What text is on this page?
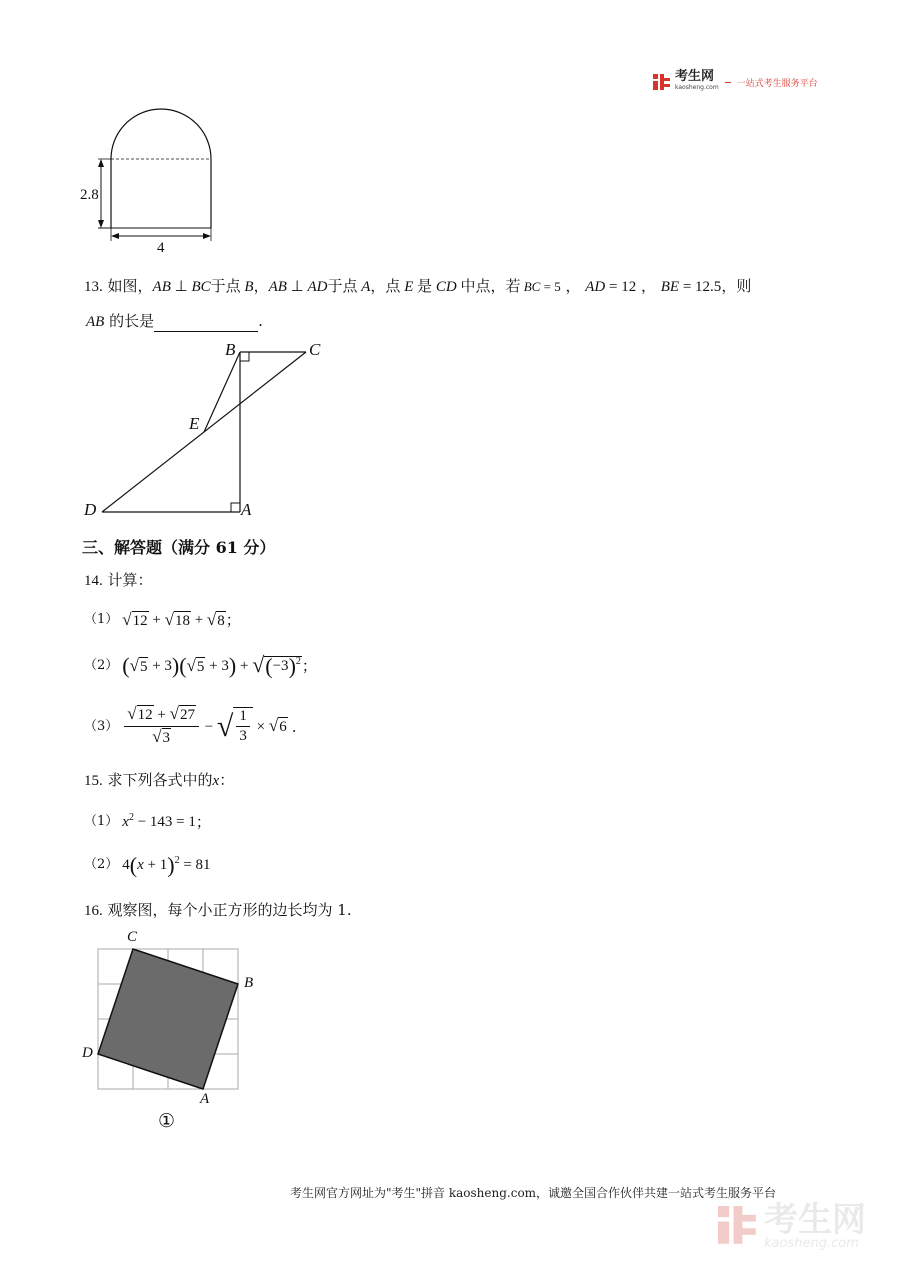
考生网
kaosheng.com 一站式考生服务平台
2.8
4
13. 如图，AB ⊥ BC于点 B，AB ⊥ AD于点 A，点 E 是 CD 中点，若 BC = 5 ， AD = 12 ， BE = 12.5，则
AB 的长是	.
B	C
E
D	A
三、解答题（满分 61 分）
14. 计算：
（1） √ 12 + √ 18 + √ 8 ；
（2） ( √ 5 + 3 ) ( √ 5 + 3 ) + √ $(-3)^2$ ；
$(3) \frac{√ 12 + √ 27}{√ 3}$ − √ $\frac{1}{3}$ × √ 6 .
15. 求下列各式中的x：
（1） $x^2 - 143 = 1$ ；
（2） $4(x + 1)^2 = 81$
16. 观察图，每个小正方形的边长均为 1.
C
B
D
A
①
考生网官方网址为"考生"拼音 kaosheng.com，诚邀全国合作伙伴共建一站式考生服务平台
考生网
kaosheng.com
